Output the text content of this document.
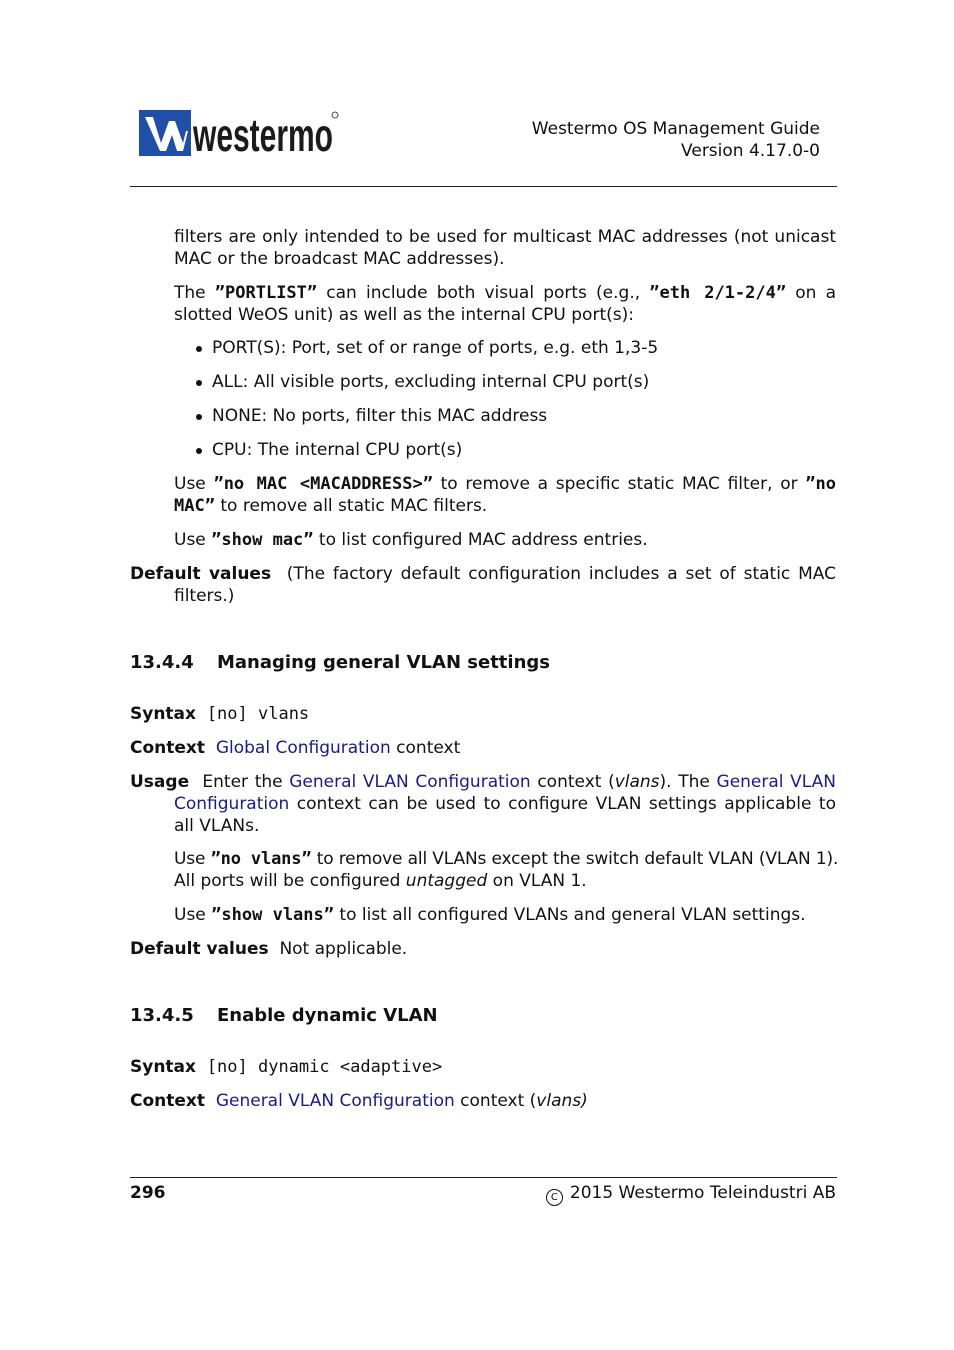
westermo	Westermo OS Management Guide
Version 4.17.0-0
filters are only intended to be used for multicast MAC addresses (not unicast MAC or the broadcast MAC addresses).
The ”PORTLIST” can include both visual ports (e.g., ”eth 2/1-2/4” on a
slotted WeOS unit) as well as the internal CPU port(s):
PORT(S): Port, set of or range of ports, e.g. eth 1,3-5
ALL: All visible ports, excluding internal CPU port(s)
NONE: No ports, filter this MAC address
CPU: The internal CPU port(s)
Use ”no MAC <MACADDRESS>” to remove a specific static MAC filter, or ”no
MAC” to remove all static MAC filters.
Use ”show mac” to list configured MAC address entries.
Default values (The factory default configuration includes a set of static MAC
filters.)
13.4.4 Managing general VLAN settings
Syntax [no] vlans
Context Global Configuration context
Usage Enter the General VLAN Configuration context (vlans). The General VLAN
Configuration context can be used to configure VLAN settings applicable to
all VLANs.
Use ”no vlans” to remove all VLANs except the switch default VLAN (VLAN 1).
All ports will be configured untagged on VLAN 1.
Use ”show vlans” to list all configured VLANs and general VLAN settings.
Default values Not applicable.
13.4.5 Enable dynamic VLAN
Syntax [no] dynamic <adaptive>
Context General VLAN Configuration context (vlans)
296	C 2015 Westermo Teleindustri AB
